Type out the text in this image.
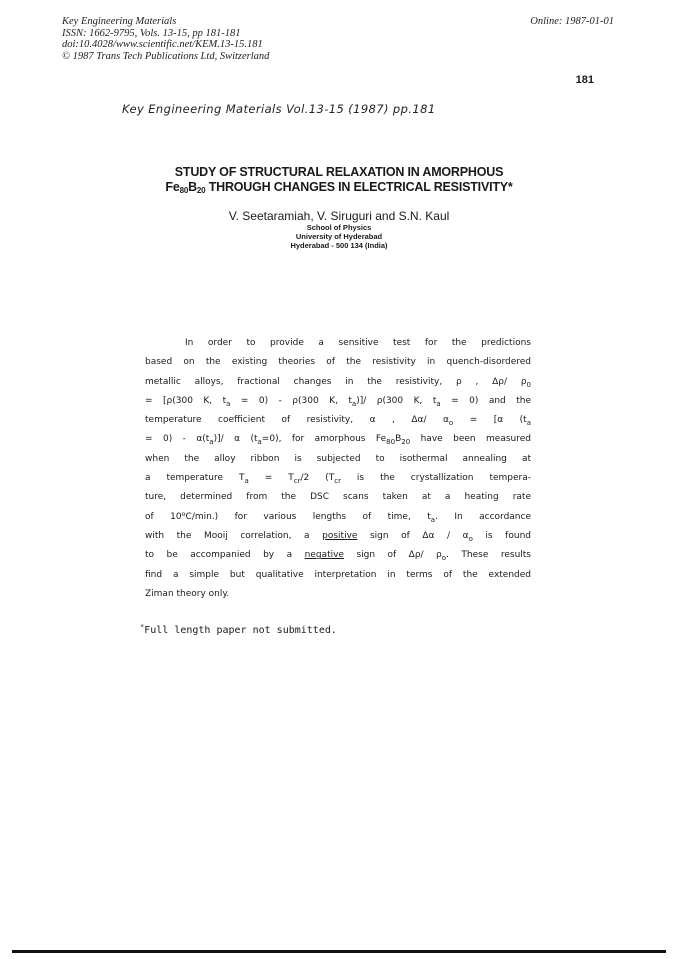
Key Engineering Materials
ISSN: 1662-9795, Vols. 13-15, pp 181-181
doi:10.4028/www.scientific.net/KEM.13-15.181
© 1987 Trans Tech Publications Ltd, Switzerland
Online: 1987-01-01
181
Key Engineering Materials Vol.13-15 (1987) pp.181
STUDY OF STRUCTURAL RELAXATION IN AMORPHOUS
$Fe_{80}B_{20}$ THROUGH CHANGES IN ELECTRICAL RESISTIVITY*
V. Seetaramiah, V. Siruguri and S.N. Kaul
School of Physics
University of Hyderabad
Hyderabad - 500 134 (India)
In order to provide a sensitive test for the predictions
based on the existing theories of the resistivity in quench-disordered
metallic alloys, fractional changes in the resistivity, ρ , Δρ/ $\rho_0$
= [ρ(300 K, $t_a = 0) - \rho(300$ K, $t_a)]/$ ρ(300 K, $t_a = 0$) and the
temperature coefficient of resistivity, α , Δα/ $\alpha_o = [\alpha$ ($t_a$
= $0) - \alpha(t_a)]/$ α $(t_a=0)$, for amorphous $Fe_{80}B_{20}$ have been measured
when the alloy ribbon is subjected to isothermal annealing at
a temperature $T_a = T_{cr}/2$ ($T_{cr}$ is the crystallization tempera-
ture, determined from the DSC scans taken at a heating rate
of 10$^o$C/min.) for various lengths of time, $t_a$. In accordance
with the Mooij correlation, a positive sign of Δα / $\alpha_o$ is found
to be accompanied by a negative sign of Δρ/ $\rho_o$. These results
find a simple but qualitative interpretation in terms of the extended
Ziman theory only.
*Full length paper not submitted.
